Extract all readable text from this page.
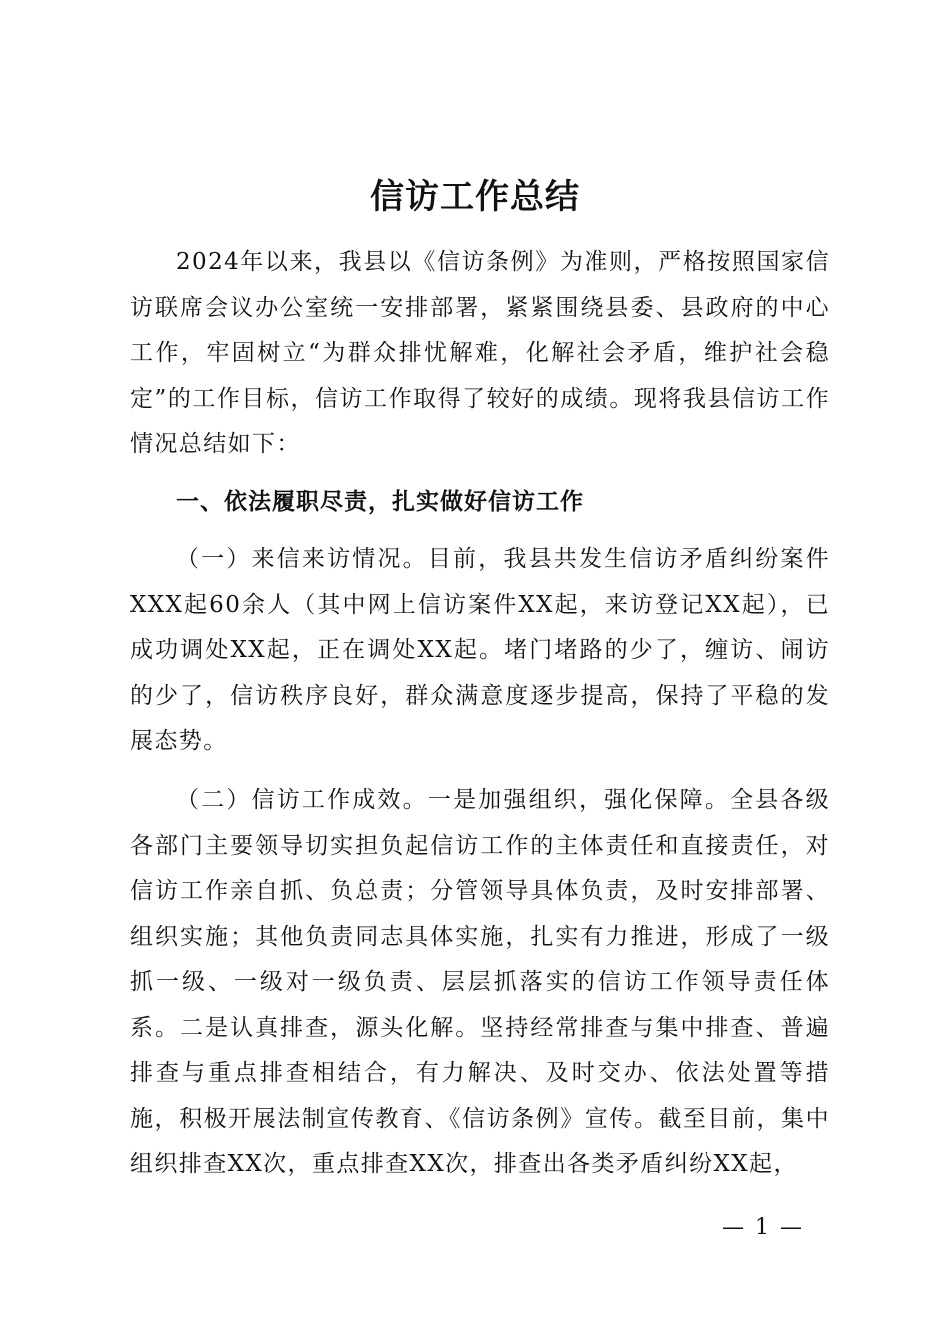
信访工作总结

2024年以来，我县以《信访条例》为准则，严格按照国家信访联席会议办公室统一安排部署，紧紧围绕县委、县政府的中心工作，牢固树立“为群众排忧解难，化解社会矛盾，维护社会稳定”的工作目标，信访工作取得了较好的成绩。现将我县信访工作情况总结如下：

一、依法履职尽责，扎实做好信访工作

（一）来信来访情况。目前，我县共发生信访矛盾纠纷案件XXX起60余人（其中网上信访案件XX起，来访登记XX起），已成功调处XX起，正在调处XX起。堵门堵路的少了，缠访、闹访的少了，信访秩序良好，群众满意度逐步提高，保持了平稳的发展态势。

（二）信访工作成效。一是加强组织，强化保障。全县各级各部门主要领导切实担负起信访工作的主体责任和直接责任，对信访工作亲自抓、负总责；分管领导具体负责，及时安排部署、组织实施；其他负责同志具体实施，扎实有力推进，形成了一级抓一级、一级对一级负责、层层抓落实的信访工作领导责任体系。二是认真排查，源头化解。坚持经常排查与集中排查、普遍排查与重点排查相结合，有力解决、及时交办、依法处置等措施，积极开展法制宣传教育、《信访条例》宣传。截至目前，集中组织排查XX次，重点排查XX次，排查出各类矛盾纠纷XX起，

— 1 —
